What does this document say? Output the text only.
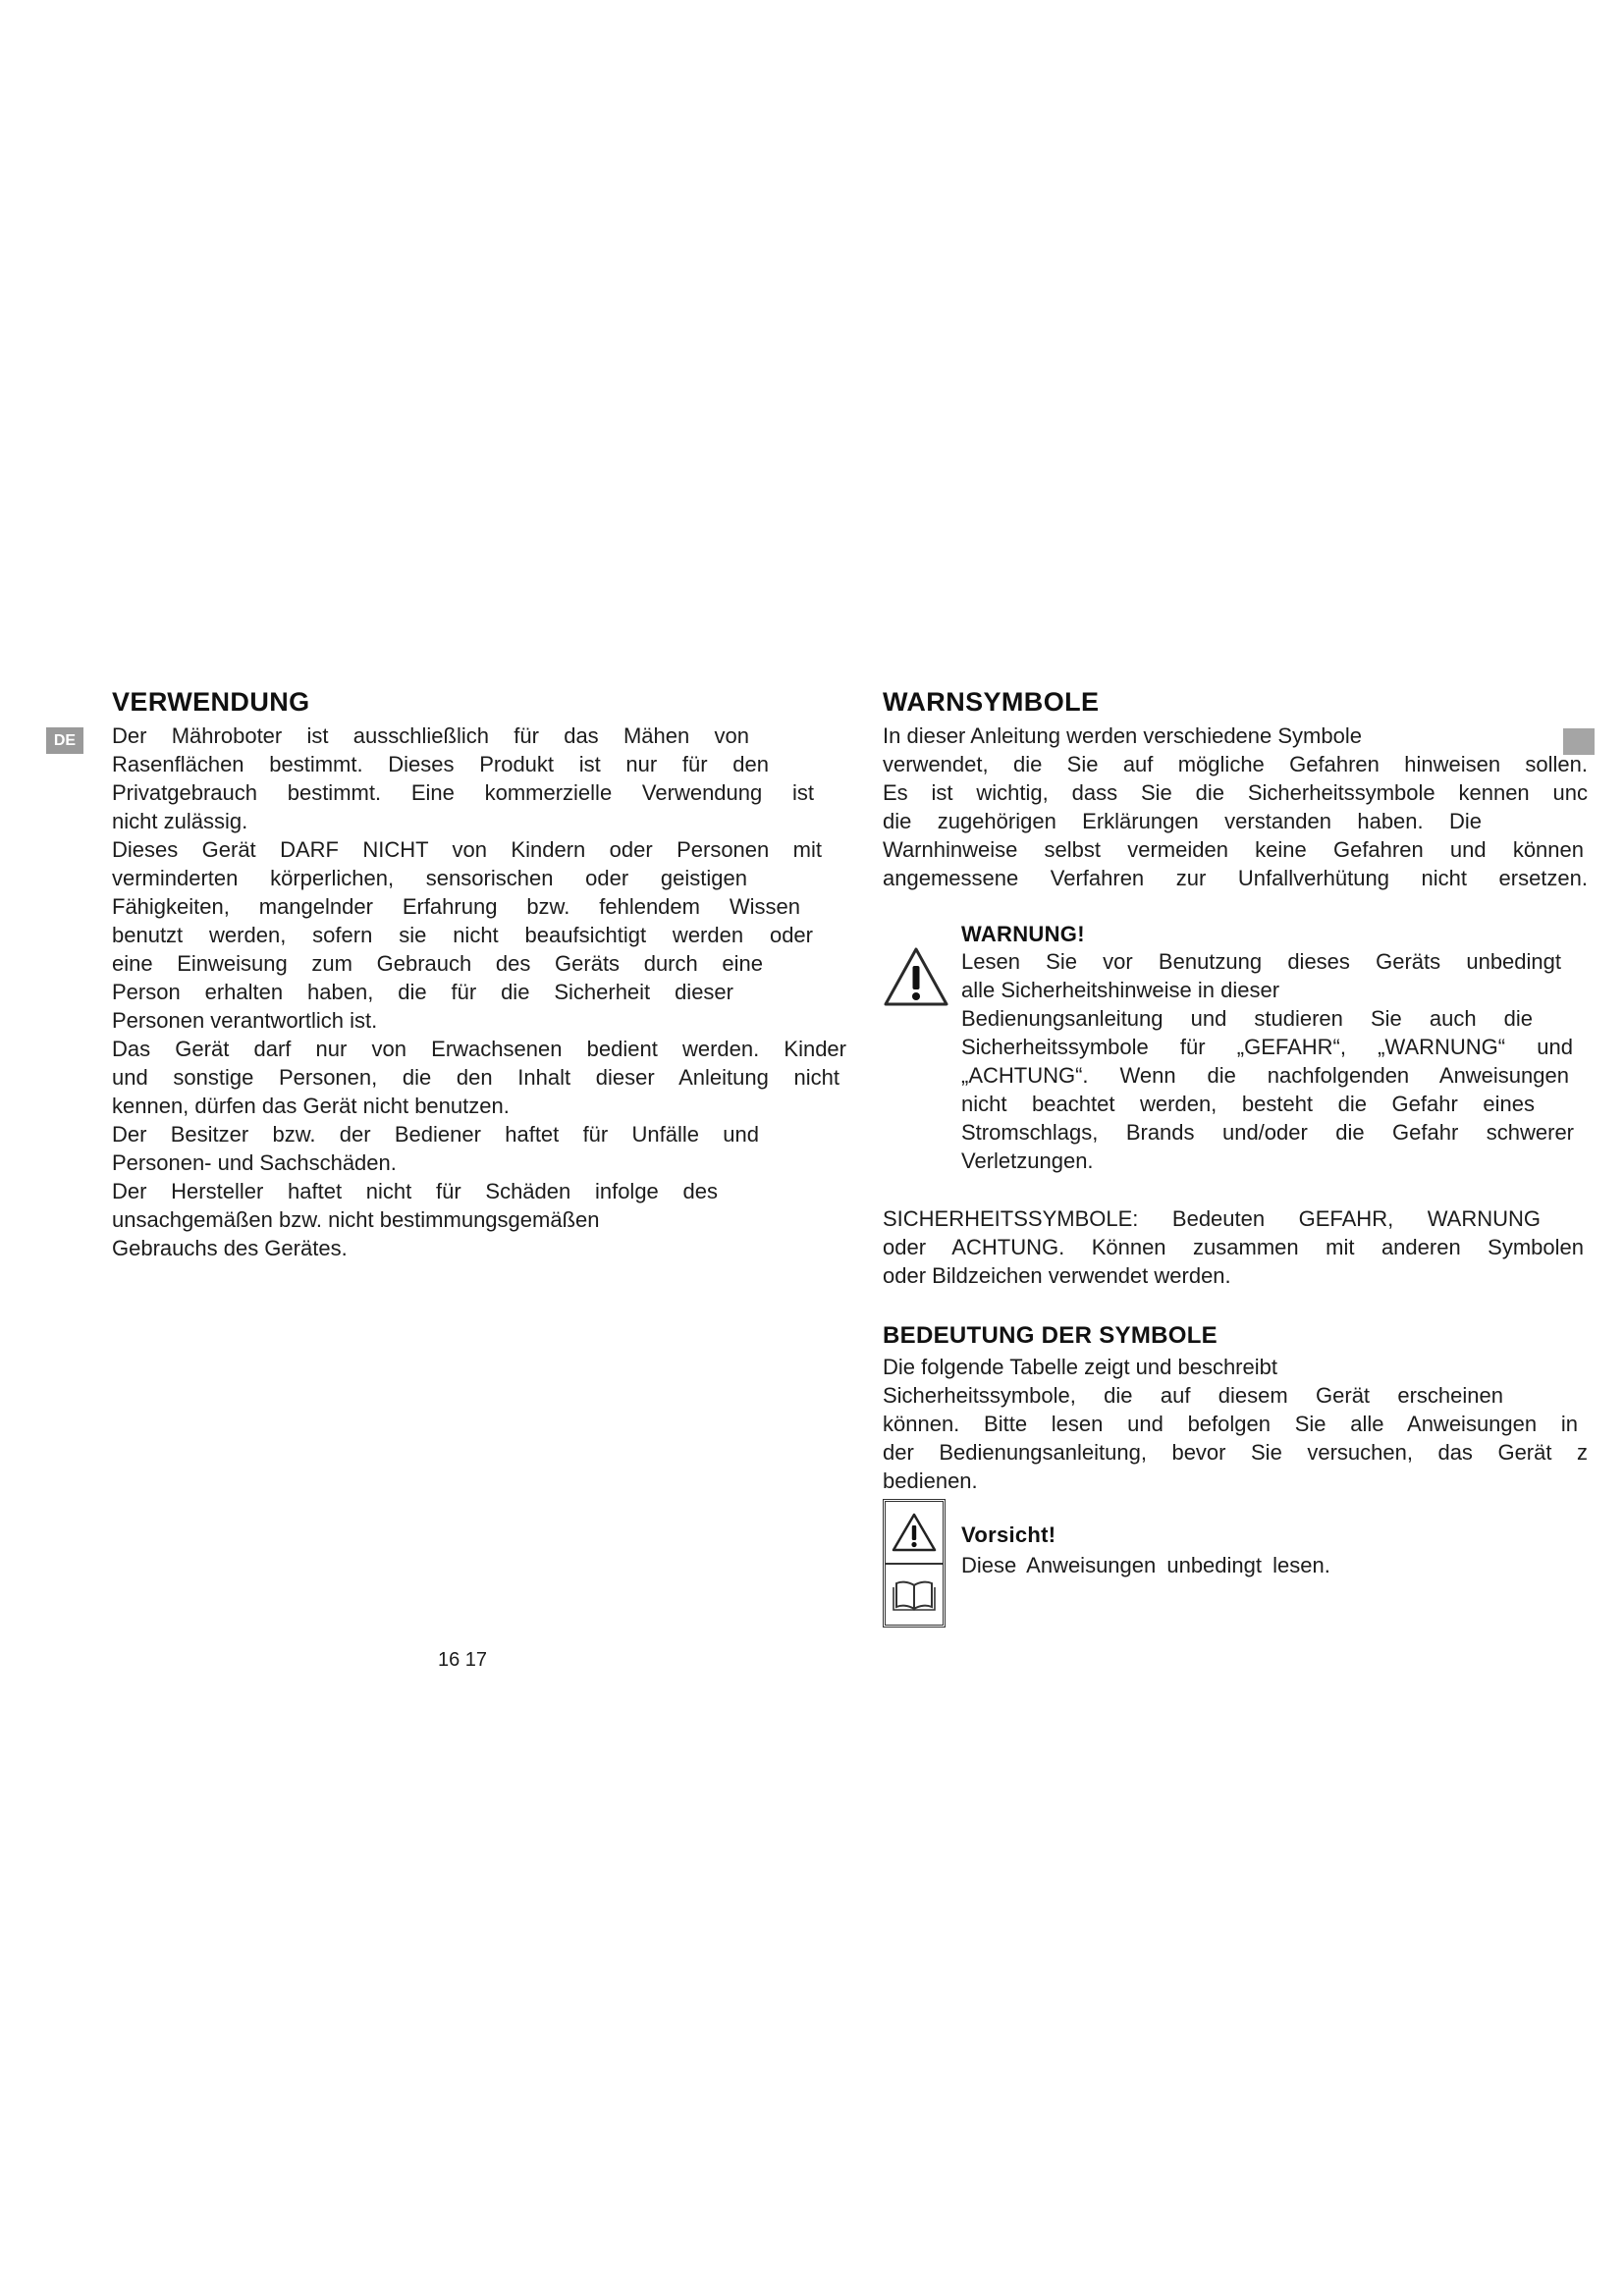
DE
VERWENDUNG
Der Mähroboter ist ausschließlich für das Mähen von
Rasenflächen bestimmt. Dieses Produkt ist nur für den
Privatgebrauch bestimmt. Eine kommerzielle Verwendung ist
nicht zulässig.
Dieses Gerät DARF NICHT von Kindern oder Personen mit
verminderten körperlichen, sensorischen oder geistigen
Fähigkeiten, mangelnder Erfahrung bzw. fehlendem Wissen
benutzt werden, sofern sie nicht beaufsichtigt werden oder
eine Einweisung zum Gebrauch des Geräts durch eine
Person erhalten haben, die für die Sicherheit dieser
Personen verantwortlich ist.
Das Gerät darf nur von Erwachsenen bedient werden. Kinder
und sonstige Personen, die den Inhalt dieser Anleitung nicht
kennen, dürfen das Gerät nicht benutzen.
Der Besitzer bzw. der Bediener haftet für Unfälle und
Personen- und Sachschäden.
Der Hersteller haftet nicht für Schäden infolge des
unsachgemäßen bzw. nicht bestimmungsgemäßen
Gebrauchs des Gerätes.
16 17
WARNSYMBOLE
In dieser Anleitung werden verschiedene Symbole
verwendet, die Sie auf mögliche Gefahren hinweisen sollen.
Es ist wichtig, dass Sie die Sicherheitssymbole kennen unc
die zugehörigen Erklärungen verstanden haben. Die
Warnhinweise selbst vermeiden keine Gefahren und können
angemessene Verfahren zur Unfallverhütung nicht ersetzen.
WARNUNG!
Lesen Sie vor Benutzung dieses Geräts unbedingt
alle Sicherheitshinweise in dieser
Bedienungsanleitung und studieren Sie auch die
Sicherheitssymbole für „GEFAHR“, „WARNUNG“ und
„ACHTUNG“. Wenn die nachfolgenden Anweisungen
nicht beachtet werden, besteht die Gefahr eines
Stromschlags, Brands und/oder die Gefahr schwerer
Verletzungen.
SICHERHEITSSYMBOLE: Bedeuten GEFAHR, WARNUNG
oder ACHTUNG. Können zusammen mit anderen Symbolen
oder Bildzeichen verwendet werden.
BEDEUTUNG DER SYMBOLE
Die folgende Tabelle zeigt und beschreibt
Sicherheitssymbole, die auf diesem Gerät erscheinen
können. Bitte lesen und befolgen Sie alle Anweisungen in
der Bedienungsanleitung, bevor Sie versuchen, das Gerät z
bedienen.
Vorsicht!
Diese Anweisungen unbedingt lesen.
